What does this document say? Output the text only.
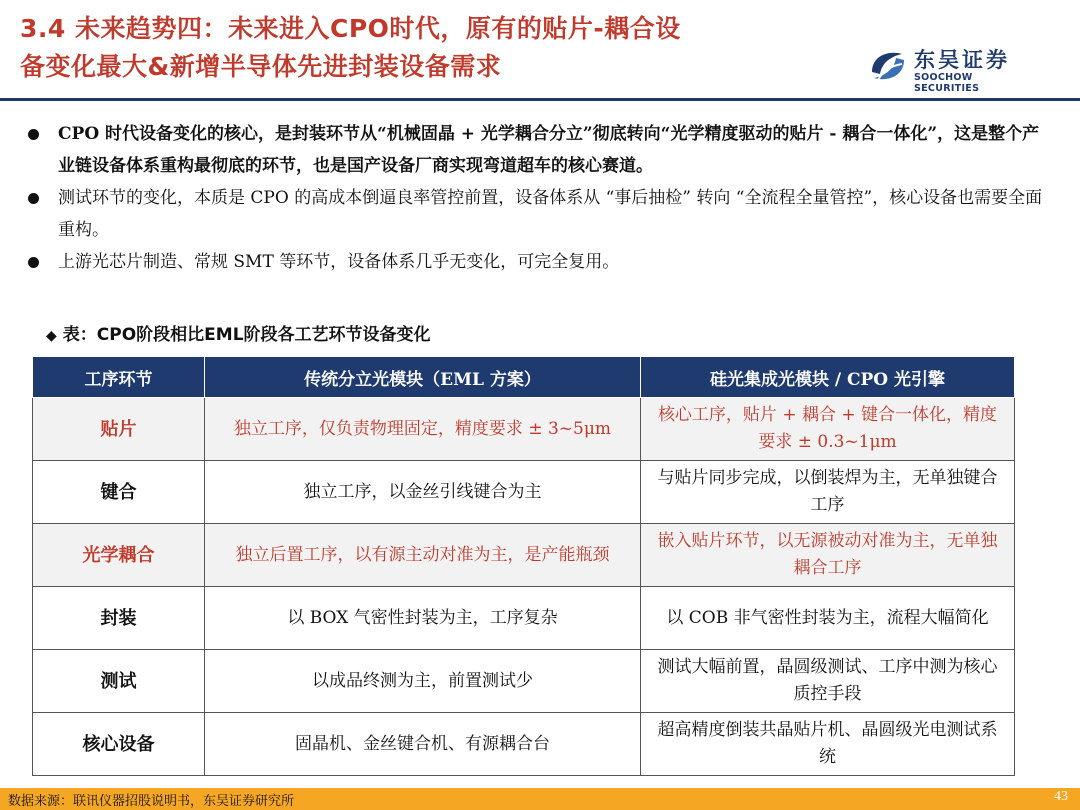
3.4 未来趋势四：未来进入CPO时代，原有的贴片-耦合设
备变化最大&新增半导体先进封装设备需求	东吴证券
SOOCHOW SECURITIES
CPO 时代设备变化的核心，是封装环节从“机械固晶 + 光学耦合分立”彻底转向“光学精度驱动的贴片 - 耦合一体化”，这是整个产业链设备体系重构最彻底的环节，也是国产设备厂商实现弯道超车的核心赛道。
测试环节的变化，本质是 CPO 的高成本倒逼良率管控前置，设备体系从 “事后抽检” 转向 “全流程全量管控”，核心设备也需要全面重构。
上游光芯片制造、常规 SMT 等环节，设备体系几乎无变化，可完全复用。
◆ 表：CPO阶段相比EML阶段各工艺环节设备变化
工序环节	传统分立光模块（EML 方案）	硅光集成光模块 / CPO 光引擎
贴片	独立工序，仅负责物理固定，精度要求 ± 3~5μm	核心工序，贴片 + 耦合 + 键合一体化，精度要求 ± 0.3~1μm
键合	独立工序，以金丝引线键合为主	与贴片同步完成，以倒装焊为主，无单独键合工序
光学耦合	独立后置工序，以有源主动对准为主，是产能瓶颈	嵌入贴片环节，以无源被动对准为主，无单独耦合工序
封装	以 BOX 气密性封装为主，工序复杂	以 COB 非气密性封装为主，流程大幅简化
测试	以成品终测为主，前置测试少	测试大幅前置，晶圆级测试、工序中测为核心质控手段
核心设备	固晶机、金丝键合机、有源耦合台	超高精度倒装共晶贴片机、晶圆级光电测试系统
数据来源：联讯仪器招股说明书，东吴证券研究所	43
